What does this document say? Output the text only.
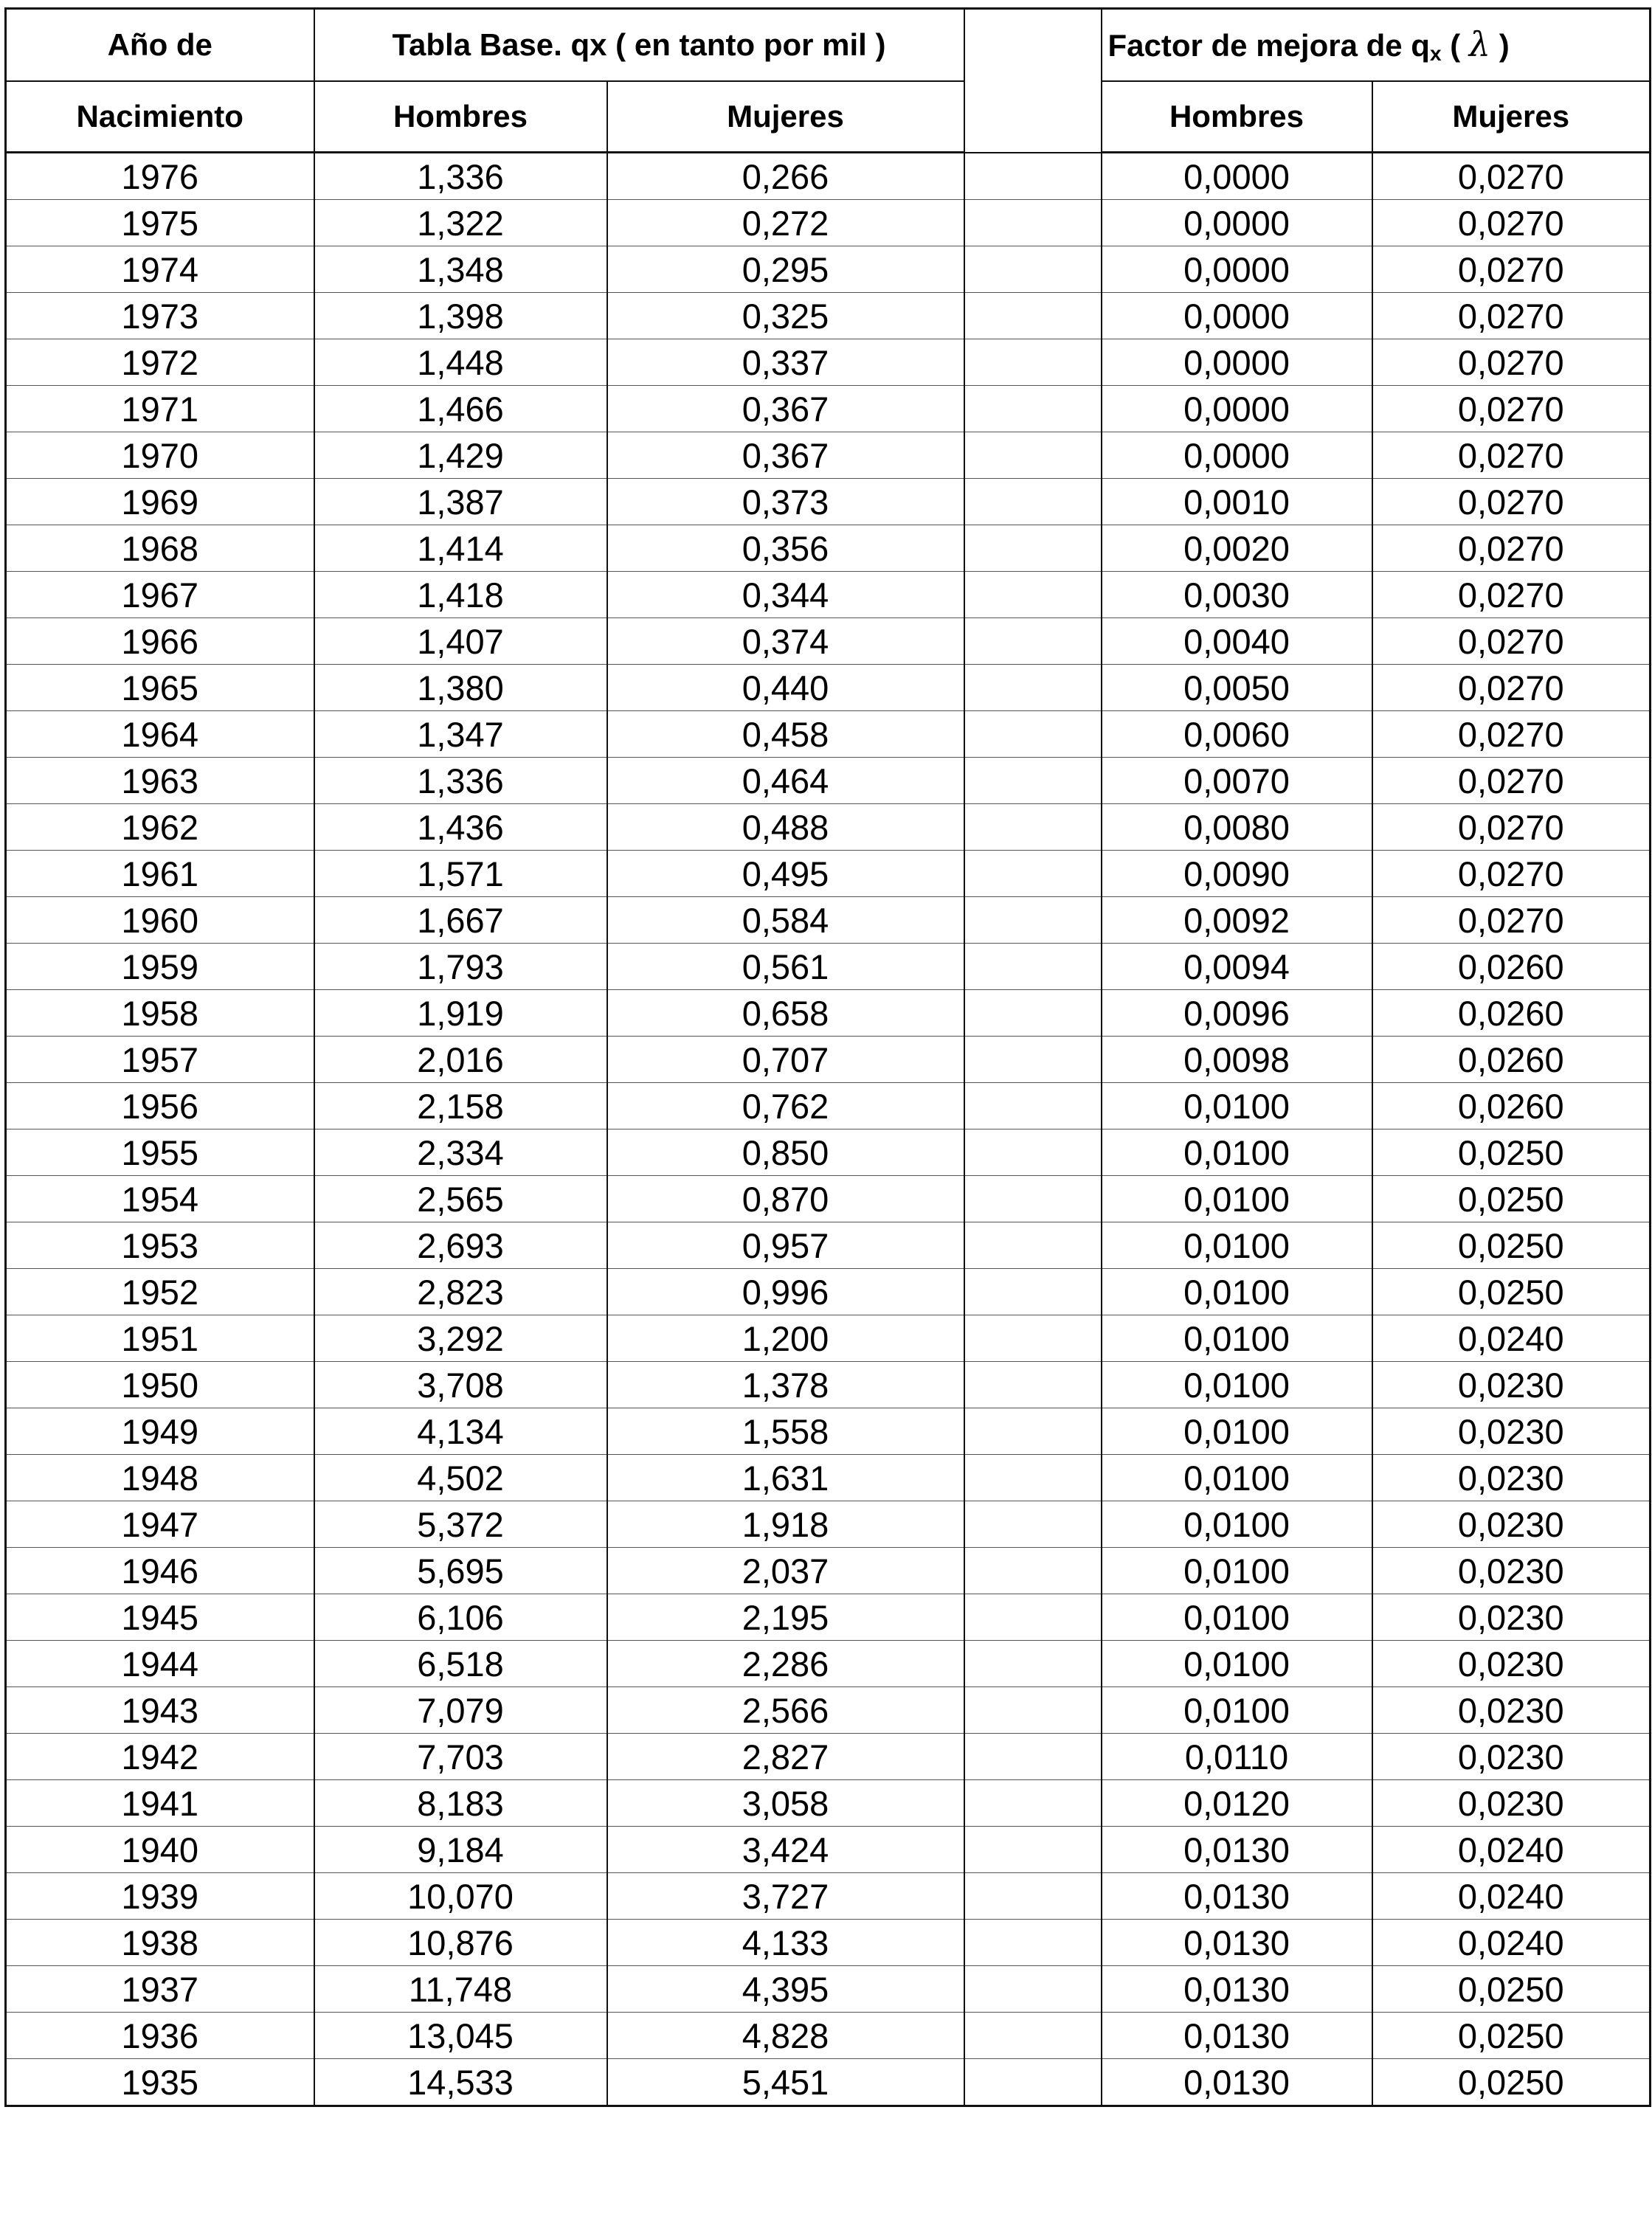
Año de	Tabla Base. qx ( en tanto por mil )			Factor de mejora de $q_x$ ( λ )	
Nacimiento	Hombres	Mujeres		Hombres	Mujeres
1976	1,336	0,266		0,0000	0,0270
1975	1,322	0,272		0,0000	0,0270
1974	1,348	0,295		0,0000	0,0270
1973	1,398	0,325		0,0000	0,0270
1972	1,448	0,337		0,0000	0,0270
1971	1,466	0,367		0,0000	0,0270
1970	1,429	0,367		0,0000	0,0270
1969	1,387	0,373		0,0010	0,0270
1968	1,414	0,356		0,0020	0,0270
1967	1,418	0,344		0,0030	0,0270
1966	1,407	0,374		0,0040	0,0270
1965	1,380	0,440		0,0050	0,0270
1964	1,347	0,458		0,0060	0,0270
1963	1,336	0,464		0,0070	0,0270
1962	1,436	0,488		0,0080	0,0270
1961	1,571	0,495		0,0090	0,0270
1960	1,667	0,584		0,0092	0,0270
1959	1,793	0,561		0,0094	0,0260
1958	1,919	0,658		0,0096	0,0260
1957	2,016	0,707		0,0098	0,0260
1956	2,158	0,762		0,0100	0,0260
1955	2,334	0,850		0,0100	0,0250
1954	2,565	0,870		0,0100	0,0250
1953	2,693	0,957		0,0100	0,0250
1952	2,823	0,996		0,0100	0,0250
1951	3,292	1,200		0,0100	0,0240
1950	3,708	1,378		0,0100	0,0230
1949	4,134	1,558		0,0100	0,0230
1948	4,502	1,631		0,0100	0,0230
1947	5,372	1,918		0,0100	0,0230
1946	5,695	2,037		0,0100	0,0230
1945	6,106	2,195		0,0100	0,0230
1944	6,518	2,286		0,0100	0,0230
1943	7,079	2,566		0,0100	0,0230
1942	7,703	2,827		0,0110	0,0230
1941	8,183	3,058		0,0120	0,0230
1940	9,184	3,424		0,0130	0,0240
1939	10,070	3,727		0,0130	0,0240
1938	10,876	4,133		0,0130	0,0240
1937	11,748	4,395		0,0130	0,0250
1936	13,045	4,828		0,0130	0,0250
1935	14,533	5,451		0,0130	0,0250
